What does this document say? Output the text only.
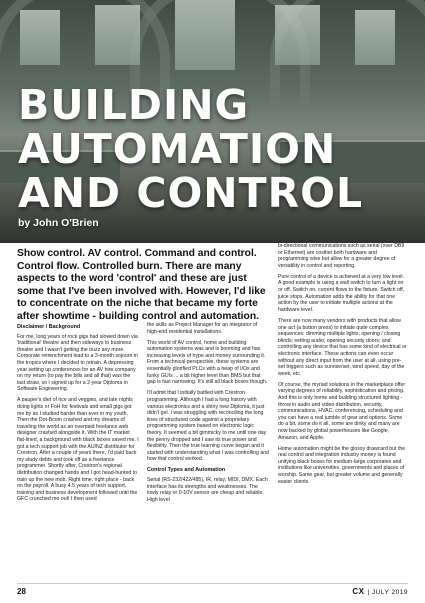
BUILDING
AUTOMATION
AND CONTROL

by John O'Brien

Show control. AV control. Command and control. Control flow. Controlled burn. There are many aspects to the word 'control' and these are just some that I've been involved with. However, I'd like to concentrate on the niche that became my forte after showtime - building control and automation.

Disclaimer / Background

For me, long years of rock gigs had slowed down via 'traditional' theatre and then sideways to business theatre and I wasn't getting the buzz any more. Corporate retrenchment lead to a 3-month sojourn in the tropics where I decided to retrain. A depressing year setting up conferences for an AV hire company on my return (to pay the bills and all that) was the last straw, so I signed up for a 2-year Diploma in Software Engineering.

A pauper's diet of rice and veggies, and late nights doing lights or FoH for festivals and small gigs got me by as I studied harder than ever in my youth. Then the Dot-Bcom crashed and my dreams of traveling the world as an overpaid freelance web designer crashed alongside it. With the IT market flat-lined, a background with black boxes saved me. I got a tech support job with the AU/NZ distributor for Crestron. After a couple of years there, I'd paid back my study debts and took off as a freelance programmer. Shortly after, Crestron's regional distribution changed hands and I got head-hunted to train up the new mob. Right time, right place - back on the payroll. A busy 4.5 years of tech support, training and business development followed until the GFC crunched me out! I then used

the skills as Project Manager for an integrator of high-end residential installations.

This world of AV control, home and building automation systems was and is booming and has increasing levels of hype and money surrounding it. From a technical perspective, these systems are essentially glorified PLCs with a heap of I/Os and funky GUIs ... a bit higher level than BMS but that gap is fast narrowing. It's still all black boxes though.

I'll admit that I initially battled with Crestron programming. Although I had a long history with various electronics and a shiny new Diploma, it just didn't gel. I was struggling with reconciling the long lines of structured code against a proprietary programming system based on electronic logic theory. It seemed a bit gimmicky to me until one day the penny dropped and I saw its true power and flexibility. Then the true learning curve began and it started with understanding what I was controlling and how that control worked.

Control Types and Automation

Serial (RS-232/422/485), IR, relay, MIDI, DMX. Each interface has its strengths and weaknesses. The lowly relay or 0-10V sensor are cheap and reliable. High level

bi-directional communications such as serial (over DB9 or Ethernet) are costlier both hardware and programming wise but allow for a greater degree of versatility in control and reporting.

Pure control of a device is achieved at a very low level. A good example is using a wall switch to turn a light on or off. Switch on, current flows to the fixture. Switch off, juice stops. Automation adds the ability for that one action by the user to initiate multiple actions at the hardware level.

There are now many vendors with products that allow one act (a button press) to initiate quite complex sequences: dimming multiple lights; opening / closing blinds; setting audio; opening security doors; and controlling any device that has some kind of electrical or electronic interface. These actions can even occur without any direct input from the user at all, using pre-set triggers such as sunrise/set, wind speed, day of the week, etc.

Of course, the myriad solutions in the marketplace offer varying degrees of reliability, sophistication and pricing. And this is only home and building structured lighting - throw in audio and video distribution, security, communications, HVAC, conferencing, scheduling and you can have a real jumble of gear and options. Some do a bit, some do it all, some are dinky and many are now backed by global powerhouses like Google, Amazon, and Apple.

Home automation might be the glossy drawcard but the real control and integration industry money is found unifying black boxes for medium-large corporates and institutions like universities, governments and places of worship. Same gear, but greater volume and generally easier clients.

28	CX | JULY 2019
